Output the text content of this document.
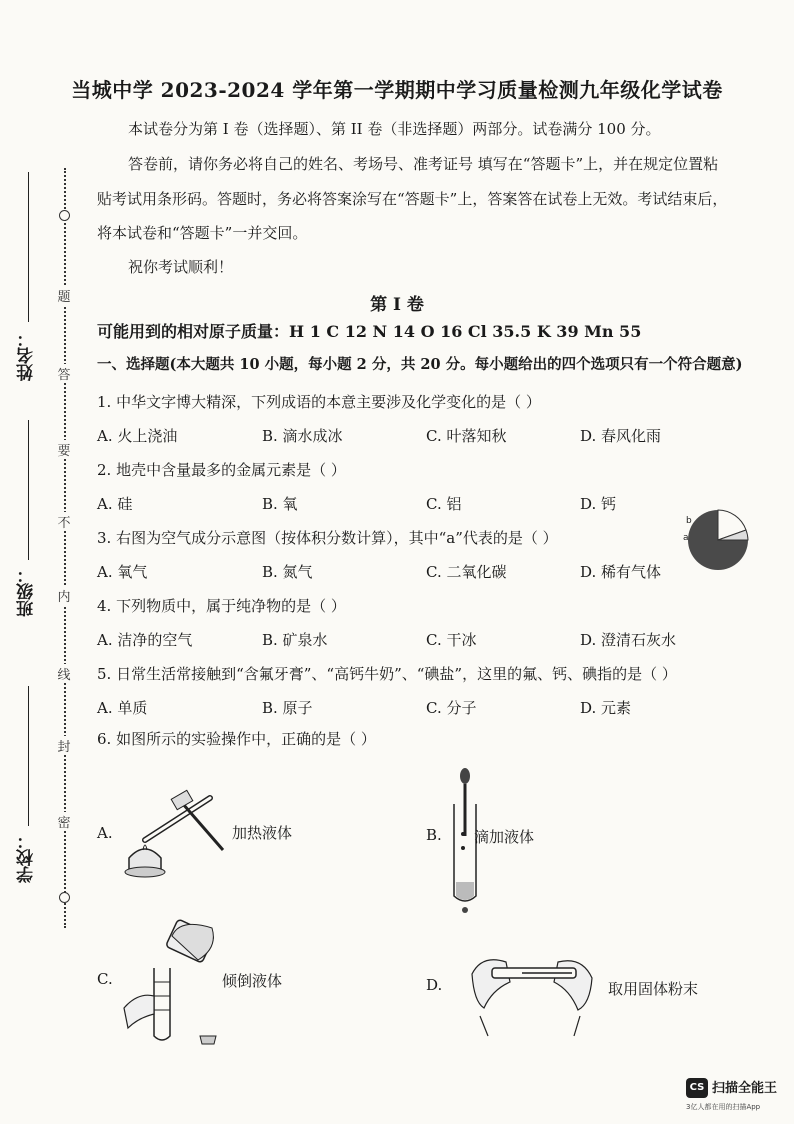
题
答
要
不
内
线
封
密
姓名：
班级：
学校：
当城中学 2023-2024 学年第一学期期中学习质量检测九年级化学试卷
本试卷分为第 I 卷（选择题）、第 II 卷（非选择题）两部分。试卷满分 100 分。
答卷前，请你务必将自己的姓名、考场号、准考证号 填写在“答题卡”上，并在规定位置粘
贴考试用条形码。答题时，务必将答案涂写在“答题卡”上，答案答在试卷上无效。考试结束后，
将本试卷和“答题卡”一并交回。
祝你考试顺利！
第 I 卷
可能用到的相对原子质量：H 1 C 12 N 14 O 16 Cl 35.5 K 39 Mn 55
一、选择题(本大题共 10 小题，每小题 2 分，共 20 分。每小题给出的四个选项只有一个符合题意)
1. 中华文字博大精深，下列成语的本意主要涉及化学变化的是（ ）
A. 火上浇油	B. 滴水成冰	C. 叶落知秋	D. 春风化雨
2. 地壳中含量最多的金属元素是（ ）
A. 硅	B. 氧	C. 铝	D. 钙
3. 右图为空气成分示意图（按体积分数计算），其中“a”代表的是（ ）
A. 氧气	B. 氮气	C. 二氧化碳	D. 稀有气体
a
b
4. 下列物质中，属于纯净物的是（ ）
A. 洁净的空气	B. 矿泉水	C. 干冰	D. 澄清石灰水
5. 日常生活常接触到“含氟牙膏”、“高钙牛奶”、“碘盐”，这里的氟、钙、碘指的是（ ）
A. 单质	B. 原子	C. 分子	D. 元素
6. 如图所示的实验操作中，正确的是（ ）
A.	加热液体	B. 滴加液体
C.	倾倒液体	D.	取用固体粉末
CS 扫描全能王
3亿人都在用的扫描App
